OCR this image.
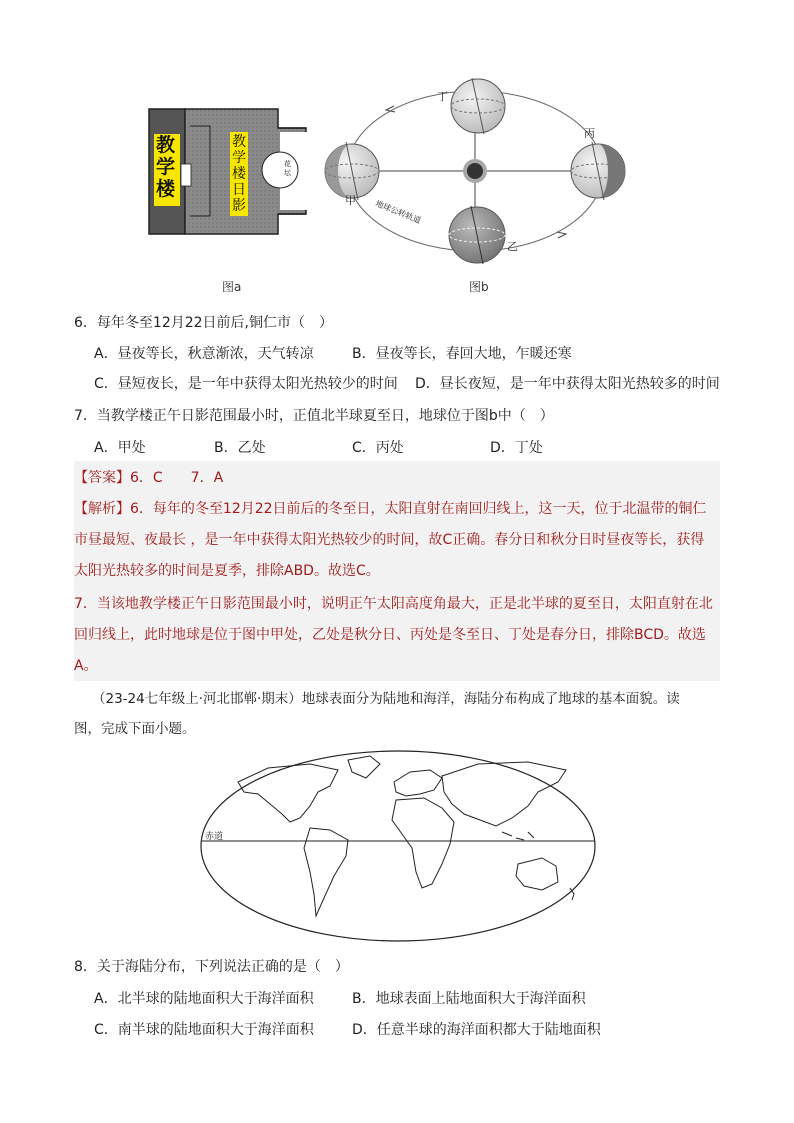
教学楼
教学楼日影
花坛
图a
丁
丙
甲
乙
地球公转轨道
图b
6．每年冬至12月22日前后,铜仁市（　）
A．昼夜等长，秋意渐浓，天气转凉	B．昼夜等长，春回大地，乍暖还寒
C．昼短夜长，是一年中获得太阳光热较少的时间 D．昼长夜短，是一年中获得太阳光热较多的时间
7．当教学楼正午日影范围最小时，正值北半球夏至日，地球位于图b中（　）
A．甲处	B．乙处	C．丙处	D．丁处
【答案】6．C　　7．A
【解析】6．每年的冬至12月22日前后的冬至日，太阳直射在南回归线上，这一天，位于北温带的铜仁
市昼最短、夜最长 ，是一年中获得太阳光热较少的时间，故C正确。春分日和秋分日时昼夜等长，获得
太阳光热较多的时间是夏季，排除ABD。故选C。
7．当该地教学楼正午日影范围最小时，说明正午太阳高度角最大，正是北半球的夏至日，太阳直射在北
回归线上，此时地球是位于图中甲处，乙处是秋分日、丙处是冬至日、丁处是春分日，排除BCD。故选
A。
（23-24七年级上·河北邯郸·期末）地球表面分为陆地和海洋，海陆分布构成了地球的基本面貌。读
图，完成下面小题。
赤道
8．关于海陆分布，下列说法正确的是（　）
A．北半球的陆地面积大于海洋面积	B．地球表面上陆地面积大于海洋面积
C．南半球的陆地面积大于海洋面积	D．任意半球的海洋面积都大于陆地面积
